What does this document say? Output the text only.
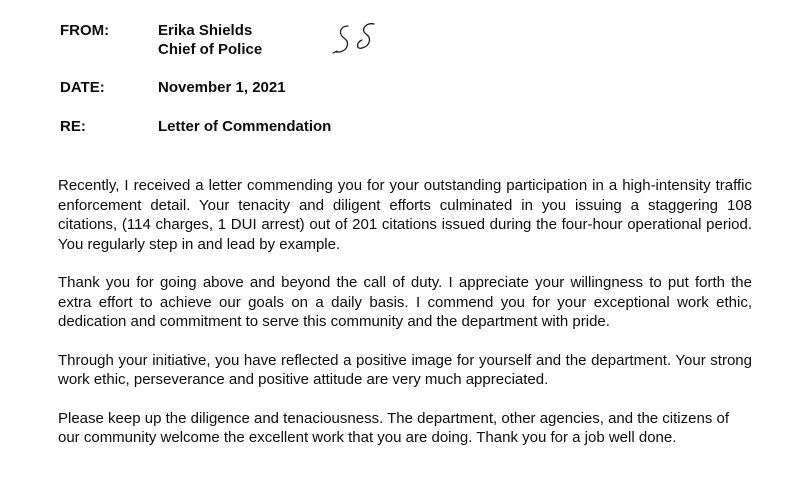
FROM:	Erika Shields
Chief of Police
DATE:	November 1, 2021
RE:	Letter of Commendation

Recently, I received a letter commending you for your outstanding participation in a high-intensity traffic enforcement detail. Your tenacity and diligent efforts culminated in you issuing a staggering 108 citations, (114 charges, 1 DUI arrest) out of 201 citations issued during the four-hour operational period. You regularly step in and lead by example.

Thank you for going above and beyond the call of duty. I appreciate your willingness to put forth the extra effort to achieve our goals on a daily basis. I commend you for your exceptional work ethic, dedication and commitment to serve this community and the department with pride.

Through your initiative, you have reflected a positive image for yourself and the department. Your strong work ethic, perseverance and positive attitude are very much appreciated.

Please keep up the diligence and tenaciousness. The department, other agencies, and the citizens of our community welcome the excellent work that you are doing. Thank you for a job well done.
